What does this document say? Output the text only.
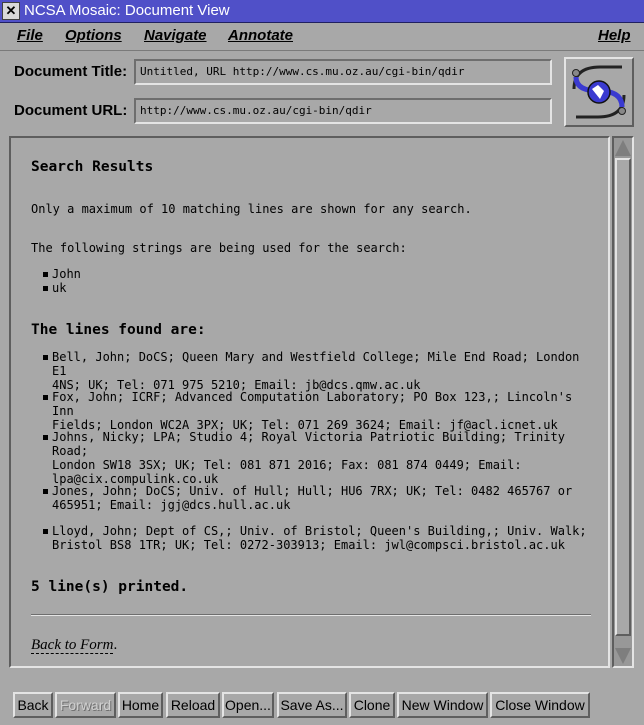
✕ NCSA Mosaic: Document View
File Options Navigate Annotate	Help
Document Title:	Untitled, URL http://www.cs.mu.oz.au/cgi-bin/qdir
Document URL:	http://www.cs.mu.oz.au/cgi-bin/qdir
Search Results

Only a maximum of 10 matching lines are shown for any search.

The following strings are being used for the search:

John
uk
The lines found are:
Bell, John; DoCS; Queen Mary and Westfield College; Mile End Road; London E1
4NS; UK; Tel: 071 975 5210; Email: jb@dcs.qmw.ac.uk
Fox, John; ICRF; Advanced Computation Laboratory; PO Box 123,; Lincoln's Inn
Fields; London WC2A 3PX; UK; Tel: 071 269 3624; Email: jf@acl.icnet.uk
Johns, Nicky; LPA; Studio 4; Royal Victoria Patriotic Building; Trinity Road;
London SW18 3SX; UK; Tel: 081 871 2016; Fax: 081 874 0449; Email:
lpa@cix.compulink.co.uk
Jones, John; DoCS; Univ. of Hull; Hull; HU6 7RX; UK; Tel: 0482 465767 or
465951; Email: jgj@dcs.hull.ac.uk
Lloyd, John; Dept of CS,; Univ. of Bristol; Queen's Building,; Univ. Walk;
Bristol BS8 1TR; UK; Tel: 0272-303913; Email: jwl@compsci.bristol.ac.uk
5 line(s) printed.

Back to Form.

Back Forward Home Reload Open... Save As... Clone New Window Close Window
